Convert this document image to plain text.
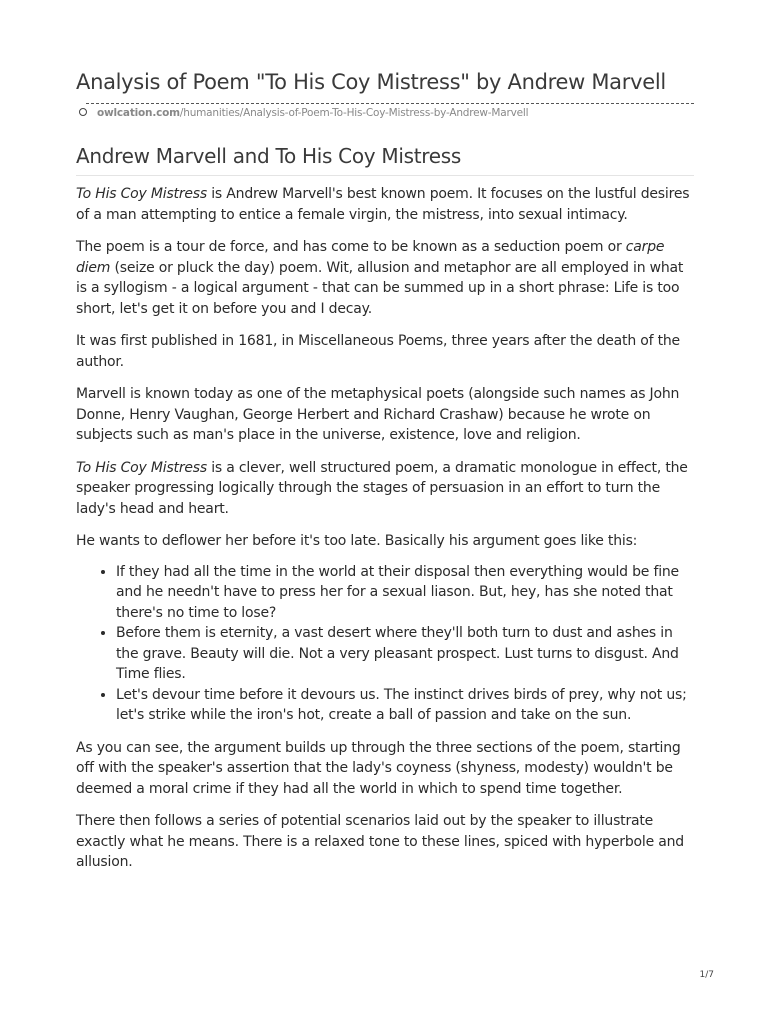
Analysis of Poem "To His Coy Mistress" by Andrew Marvell
owlcation.com/humanities/Analysis-of-Poem-To-His-Coy-Mistress-by-Andrew-Marvell
Andrew Marvell and To His Coy Mistress

To His Coy Mistress is Andrew Marvell's best known poem. It focuses on the lustful desires of a man attempting to entice a female virgin, the mistress, into sexual intimacy.

The poem is a tour de force, and has come to be known as a seduction poem or carpe diem (seize or pluck the day) poem. Wit, allusion and metaphor are all employed in what is a syllogism - a logical argument - that can be summed up in a short phrase: Life is too short, let's get it on before you and I decay.

It was first published in 1681, in Miscellaneous Poems, three years after the death of the author.

Marvell is known today as one of the metaphysical poets (alongside such names as John Donne, Henry Vaughan, George Herbert and Richard Crashaw) because he wrote on subjects such as man's place in the universe, existence, love and religion.

To His Coy Mistress is a clever, well structured poem, a dramatic monologue in effect, the speaker progressing logically through the stages of persuasion in an effort to turn the lady's head and heart.

He wants to deflower her before it's too late. Basically his argument goes like this:

• If they had all the time in the world at their disposal then everything would be fine and he needn't have to press her for a sexual liason. But, hey, has she noted that there's no time to lose?
• Before them is eternity, a vast desert where they'll both turn to dust and ashes in the grave. Beauty will die. Not a very pleasant prospect. Lust turns to disgust. And Time flies.
• Let's devour time before it devours us. The instinct drives birds of prey, why not us; let's strike while the iron's hot, create a ball of passion and take on the sun.

As you can see, the argument builds up through the three sections of the poem, starting off with the speaker's assertion that the lady's coyness (shyness, modesty) wouldn't be deemed a moral crime if they had all the world in which to spend time together.

There then follows a series of potential scenarios laid out by the speaker to illustrate exactly what he means. There is a relaxed tone to these lines, spiced with hyperbole and allusion.

1/7
